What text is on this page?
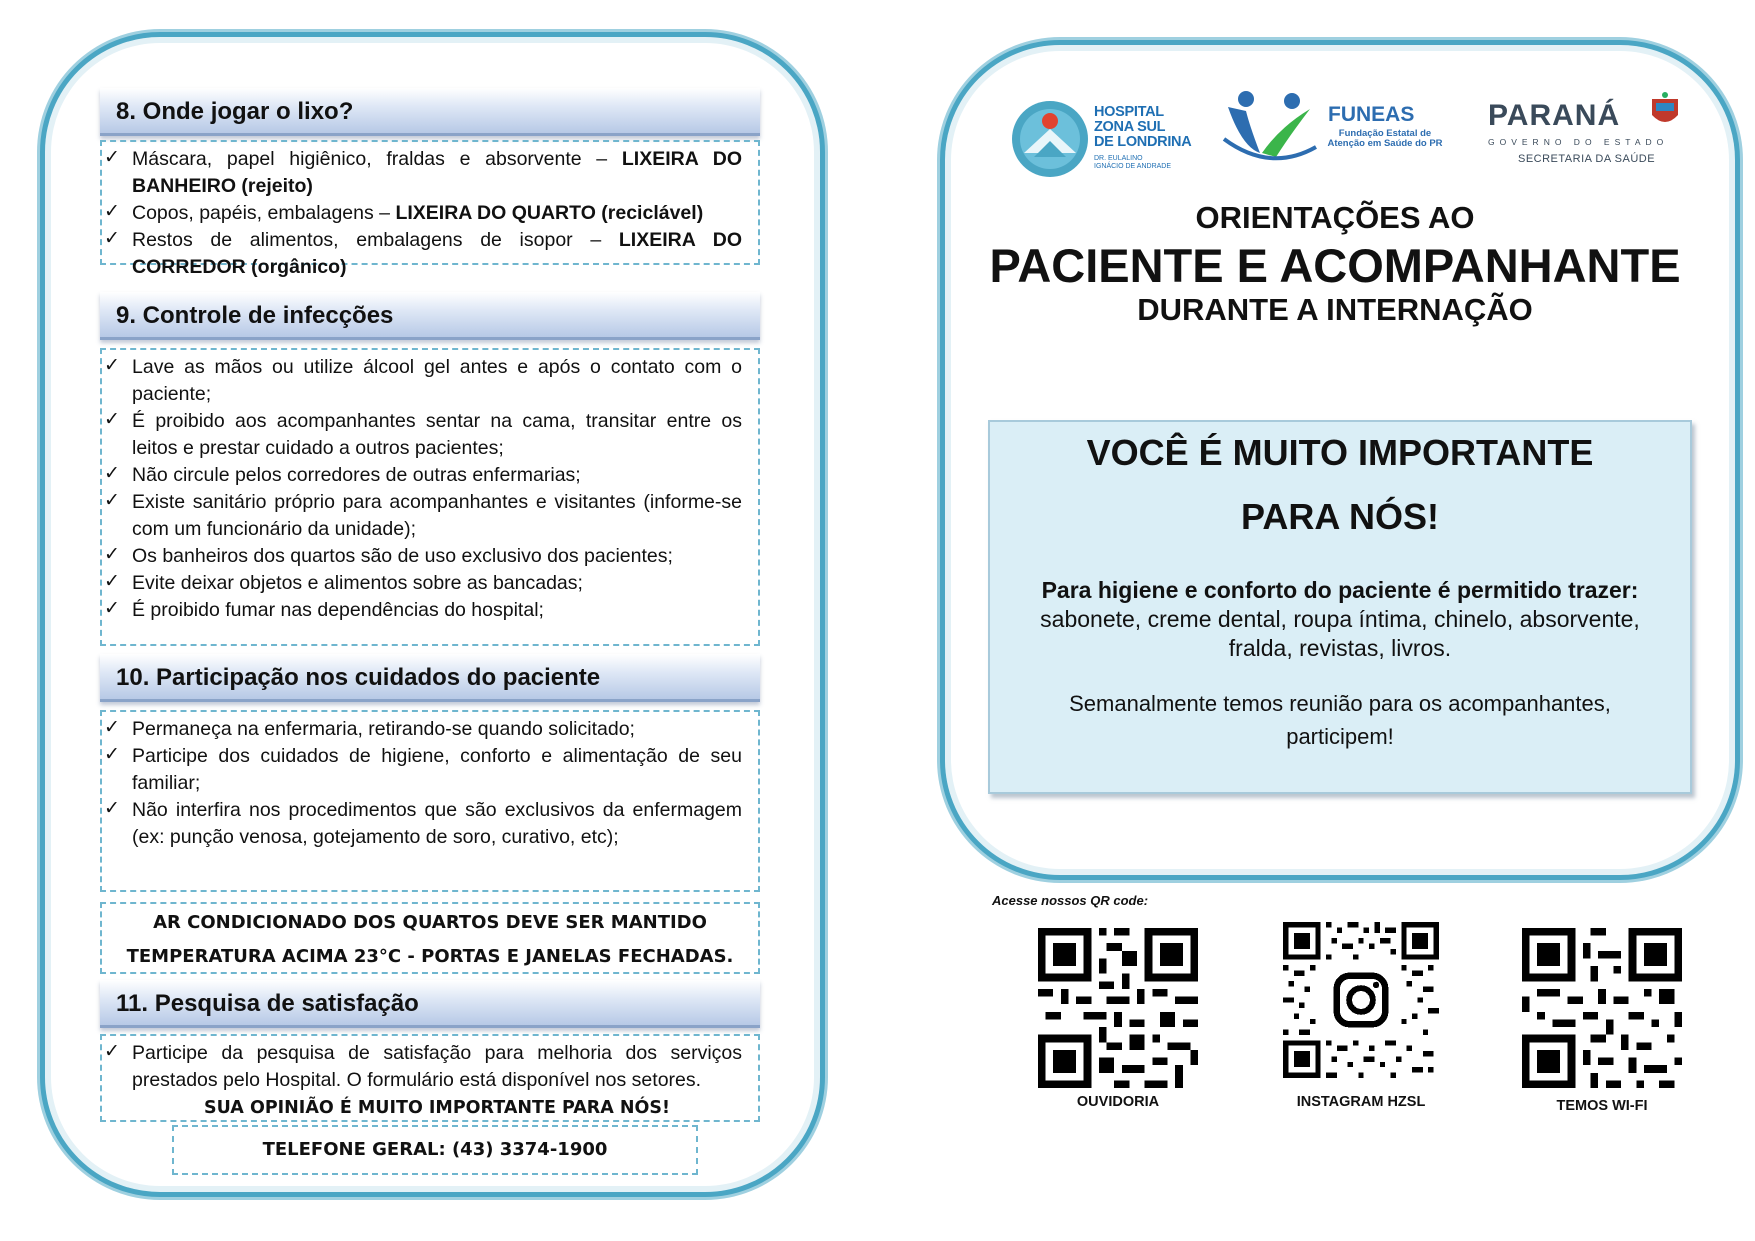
8. Onde jogar o lixo?
✓ Máscara, papel higiênico, fraldas e absorvente – LIXEIRA DO BANHEIRO (rejeito)
✓ Copos, papéis, embalagens – LIXEIRA DO QUARTO (reciclável)
✓ Restos de alimentos, embalagens de isopor – LIXEIRA DO CORREDOR (orgânico)
9. Controle de infecções
✓ Lave as mãos ou utilize álcool gel antes e após o contato com o paciente;
✓ É proibido aos acompanhantes sentar na cama, transitar entre os leitos e prestar cuidado a outros pacientes;
✓ Não circule pelos corredores de outras enfermarias;
✓ Existe sanitário próprio para acompanhantes e visitantes (informe-se com um funcionário da unidade);
✓ Os banheiros dos quartos são de uso exclusivo dos pacientes;
✓ Evite deixar objetos e alimentos sobre as bancadas;
✓ É proibido fumar nas dependências do hospital;
10. Participação nos cuidados do paciente
✓ Permaneça na enfermaria, retirando-se quando solicitado;
✓ Participe dos cuidados de higiene, conforto e alimentação de seu familiar;
✓ Não interfira nos procedimentos que são exclusivos da enfermagem (ex: punção venosa, gotejamento de soro, curativo, etc);
AR CONDICIONADO DOS QUARTOS DEVE SER MANTIDO
TEMPERATURA ACIMA 23°C - PORTAS E JANELAS FECHADAS.
11. Pesquisa de satisfação
✓ Participe da pesquisa de satisfação para melhoria dos serviços prestados pelo Hospital. O formulário está disponível nos setores.
SUA OPINIÃO É MUITO IMPORTANTE PARA NÓS!
TELEFONE GERAL: (43) 3374-1900
HOSPITAL
ZONA SUL
DE LONDRINA
DR. EULALINO
IGNÁCIO DE ANDRADE
FUNEAS
Fundação Estatal de
Atenção em Saúde do PR
PARANÁ
GOVERNO DO ESTADO
SECRETARIA DA SAÚDE
ORIENTAÇÕES AO
PACIENTE E ACOMPANHANTE
DURANTE A INTERNAÇÃO
VOCÊ É MUITO IMPORTANTE
PARA NÓS!
Para higiene e conforto do paciente é permitido trazer:
sabonete, creme dental, roupa íntima, chinelo, absorvente, fralda, revistas, livros.
Semanalmente temos reunião para os acompanhantes, participem!
Acesse nossos QR code:
OUVIDORIA	INSTAGRAM HZSL	TEMOS WI-FI
